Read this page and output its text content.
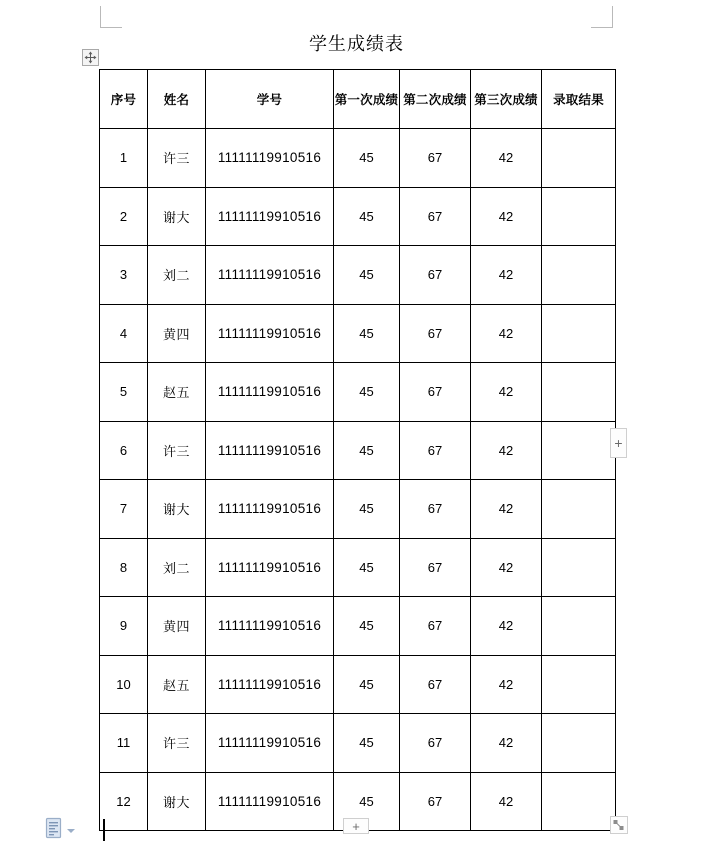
学生成绩表
序号	姓名	学号	第一次成绩	第二次成绩	第三次成绩	录取结果
1	许三	11111119910516	45	67	42	
2	谢大	11111119910516	45	67	42	
3	刘二	11111119910516	45	67	42	
4	黄四	11111119910516	45	67	42	
5	赵五	11111119910516	45	67	42	
6	许三	11111119910516	45	67	42	
7	谢大	11111119910516	45	67	42	
8	刘二	11111119910516	45	67	42	
9	黄四	11111119910516	45	67	42	
10	赵五	11111119910516	45	67	42	
11	许三	11111119910516	45	67	42	
12	谢大	11111119910516	45	67	42	
+
+
